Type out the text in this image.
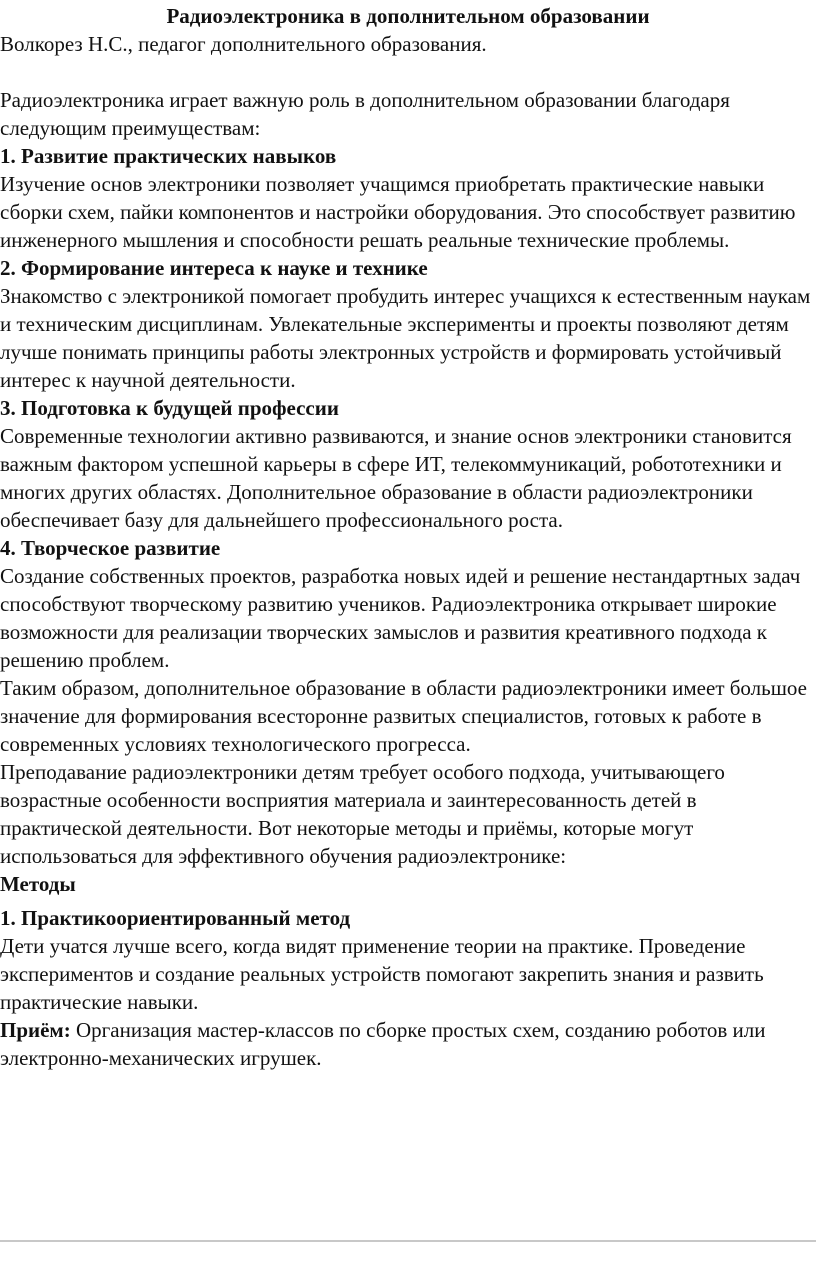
Радиоэлектроника в дополнительном образовании

Волкорез Н.С., педагог дополнительного образования.

Радиоэлектроника играет важную роль в дополнительном образовании благодаря следующим преимуществам:

1. Развитие практических навыков

Изучение основ электроники позволяет учащимся приобретать практические навыки сборки схем, пайки компонентов и настройки оборудования. Это способствует развитию инженерного мышления и способности решать реальные технические проблемы.

2. Формирование интереса к науке и технике

Знакомство с электроникой помогает пробудить интерес учащихся к естественным наукам и техническим дисциплинам. Увлекательные эксперименты и проекты позволяют детям лучше понимать принципы работы электронных устройств и формировать устойчивый интерес к научной деятельности.

3. Подготовка к будущей профессии

Современные технологии активно развиваются, и знание основ электроники становится важным фактором успешной карьеры в сфере ИТ, телекоммуникаций, робототехники и многих других областях. Дополнительное образование в области радиоэлектроники обеспечивает базу для дальнейшего профессионального роста.

4. Творческое развитие

Создание собственных проектов, разработка новых идей и решение нестандартных задач способствуют творческому развитию учеников. Радиоэлектроника открывает широкие возможности для реализации творческих замыслов и развития креативного подхода к решению проблем.

Таким образом, дополнительное образование в области радиоэлектроники имеет большое значение для формирования всесторонне развитых специалистов, готовых к работе в современных условиях технологического прогресса.

Преподавание радиоэлектроники детям требует особого подхода, учитывающего возрастные особенности восприятия материала и заинтересованность детей в практической деятельности. Вот некоторые методы и приёмы, которые могут использоваться для эффективного обучения радиоэлектронике:

Методы

1. Практикоориентированный метод

Дети учатся лучше всего, когда видят применение теории на практике. Проведение экспериментов и создание реальных устройств помогают закрепить знания и развить практические навыки.

Приём: Организация мастер-классов по сборке простых схем, созданию роботов или электронно-механических игрушек.
